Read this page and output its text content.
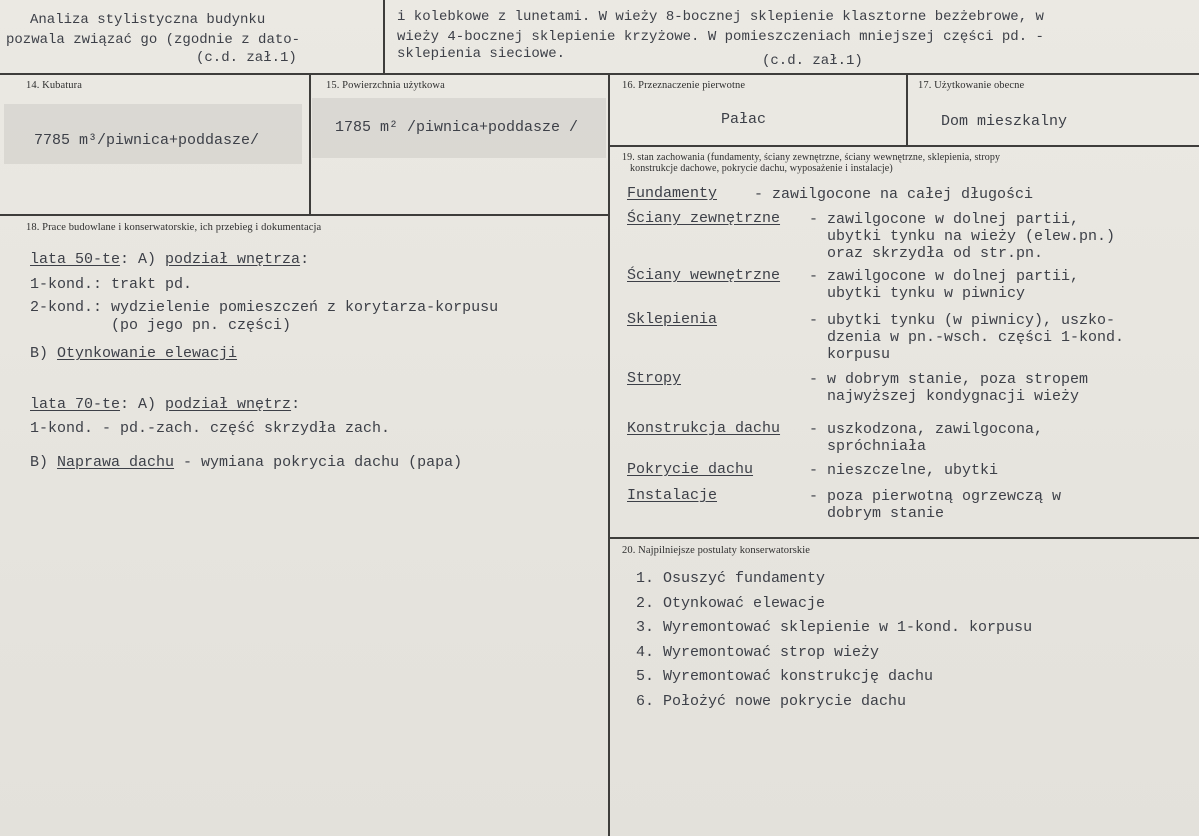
Analiza stylistyczna budynku
pozwala związać go (zgodnie z dato-
(c.d. zał.1)
i kolebkowe z lunetami. W wieży 8-bocznej sklepienie klasztorne bezżebrowe, w
wieży 4-bocznej sklepienie krzyżowe. W pomieszczeniach mniejszej części pd. -
sklepienia sieciowe.	(c.d. zał.1)
14. Kubatura
7785 m³/piwnica+poddasze/
15. Powierzchnia użytkowa
1785 m² /piwnica+poddasze /
16. Przeznaczenie pierwotne
Pałac
17. Użytkowanie obecne
Dom mieszkalny
18. Prace budowlane i konserwatorskie, ich przebieg i dokumentacja
lata 50-te: A) podział wnętrza:
1-kond.: trakt pd.
2-kond.: wydzielenie pomieszczeń z korytarza-korpusu
(po jego pn. części)
B) Otynkowanie elewacji
lata 70-te: A) podział wnętrz:
1-kond. - pd.-zach. część skrzydła zach.
B) Naprawa dachu - wymiana pokrycia dachu (papa)
19. stan zachowania (fundamenty, ściany zewnętrzne, ściany wewnętrzne, sklepienia, stropy
konstrukcje dachowe, pokrycie dachu, wyposażenie i instalacje)
Fundamenty - zawilgocone na całej długości
Ściany zewnętrzne	- zawilgocone w dolnej partii,
ubytki tynku na wieży (elew.pn.)
oraz skrzydła od str.pn.
Ściany wewnętrzne	- zawilgocone w dolnej partii,
ubytki tynku w piwnicy
Sklepienia	- ubytki tynku (w piwnicy), uszko-
dzenia w pn.-wsch. części 1-kond.
korpusu
Stropy	- w dobrym stanie, poza stropem
najwyższej kondygnacji wieży
Konstrukcja dachu	- uszkodzona, zawilgocona,
spróchniała
Pokrycie dachu	- nieszczelne, ubytki
Instalacje	- poza pierwotną ogrzewczą w
dobrym stanie
20. Najpilniejsze postulaty konserwatorskie
1. Osuszyć fundamenty
2. Otynkować elewacje
3. Wyremontować sklepienie w 1-kond. korpusu
4. Wyremontować strop wieży
5. Wyremontować konstrukcję dachu
6. Położyć nowe pokrycie dachu
